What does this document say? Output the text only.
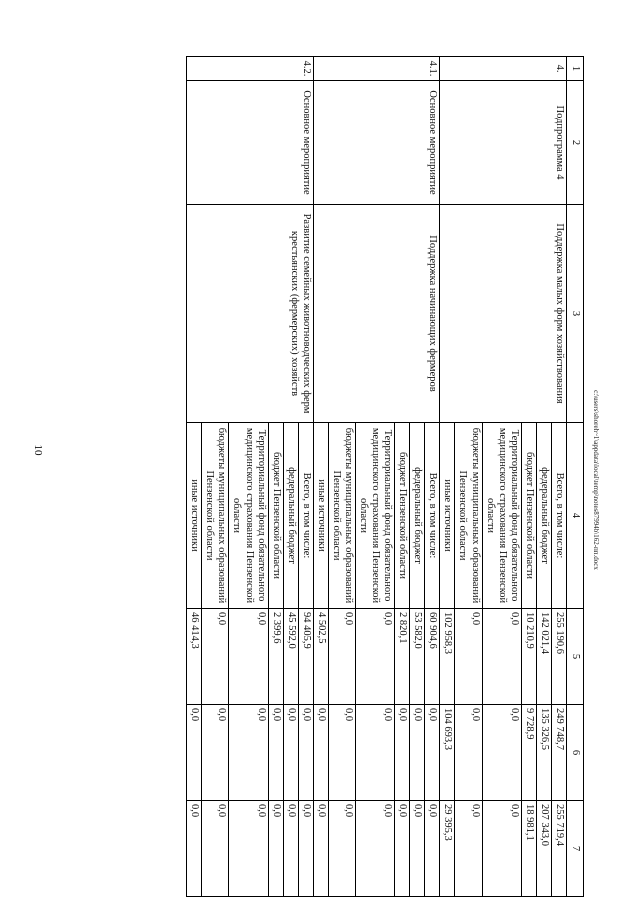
10
1	2	3	4	5	6	7
4.	Подпрограмма 4	Поддержка малых форм хозяйствования	Всего, в том числе:	255 190,6	249 748,7	255 719,4
			федеральный бюджет	142 021,4	135 326,5	207 343,0
			бюджет Пензенской области	10 210,9	9 728,9	18 981,1
			Территориальный фонд обязательного медицинского страхования Пензенской области	0,0	0,0	0,0
			бюджеты муниципальных образований Пензенской области	0,0	0,0	0,0
			иные источники	102 958,3	104 693,3	29 395,3
4.1.	Основное мероприятие	Поддержка начинающих фермеров	Всего, в том числе:	60 904,6	0,0	0,0
			федеральный бюджет	53 582,0	0,0	0,0
			бюджет Пензенской области	2 820,1	0,0	0,0
			Территориальный фонд обязательного медицинского страхования Пензенской области	0,0	0,0	0,0
			бюджеты муниципальных образований Пензенской области	0,0	0,0	0,0
			иные источники	4 502,5	0,0	0,0
4.2.	Основное мероприятие	Развитие семейных животноводческих ферм крестьянских (фермерских) хозяйств	Всего, в том числе:	94 405,9	0,0	0,0
			федеральный бюджет	45 592,0	0,0	0,0
			бюджет Пензенской области	2 399,6	0,0	0,0
			Территориальный фонд обязательного медицинского страхования Пензенской области	0,0	0,0	0,0
			бюджеты муниципальных образований Пензенской области	0,0	0,0	0,0
			иные источники	46 414,3	0,0	0,0
c:\users\shoreh~1\appdata\local\temp\notes87994b\162-пп.docx
